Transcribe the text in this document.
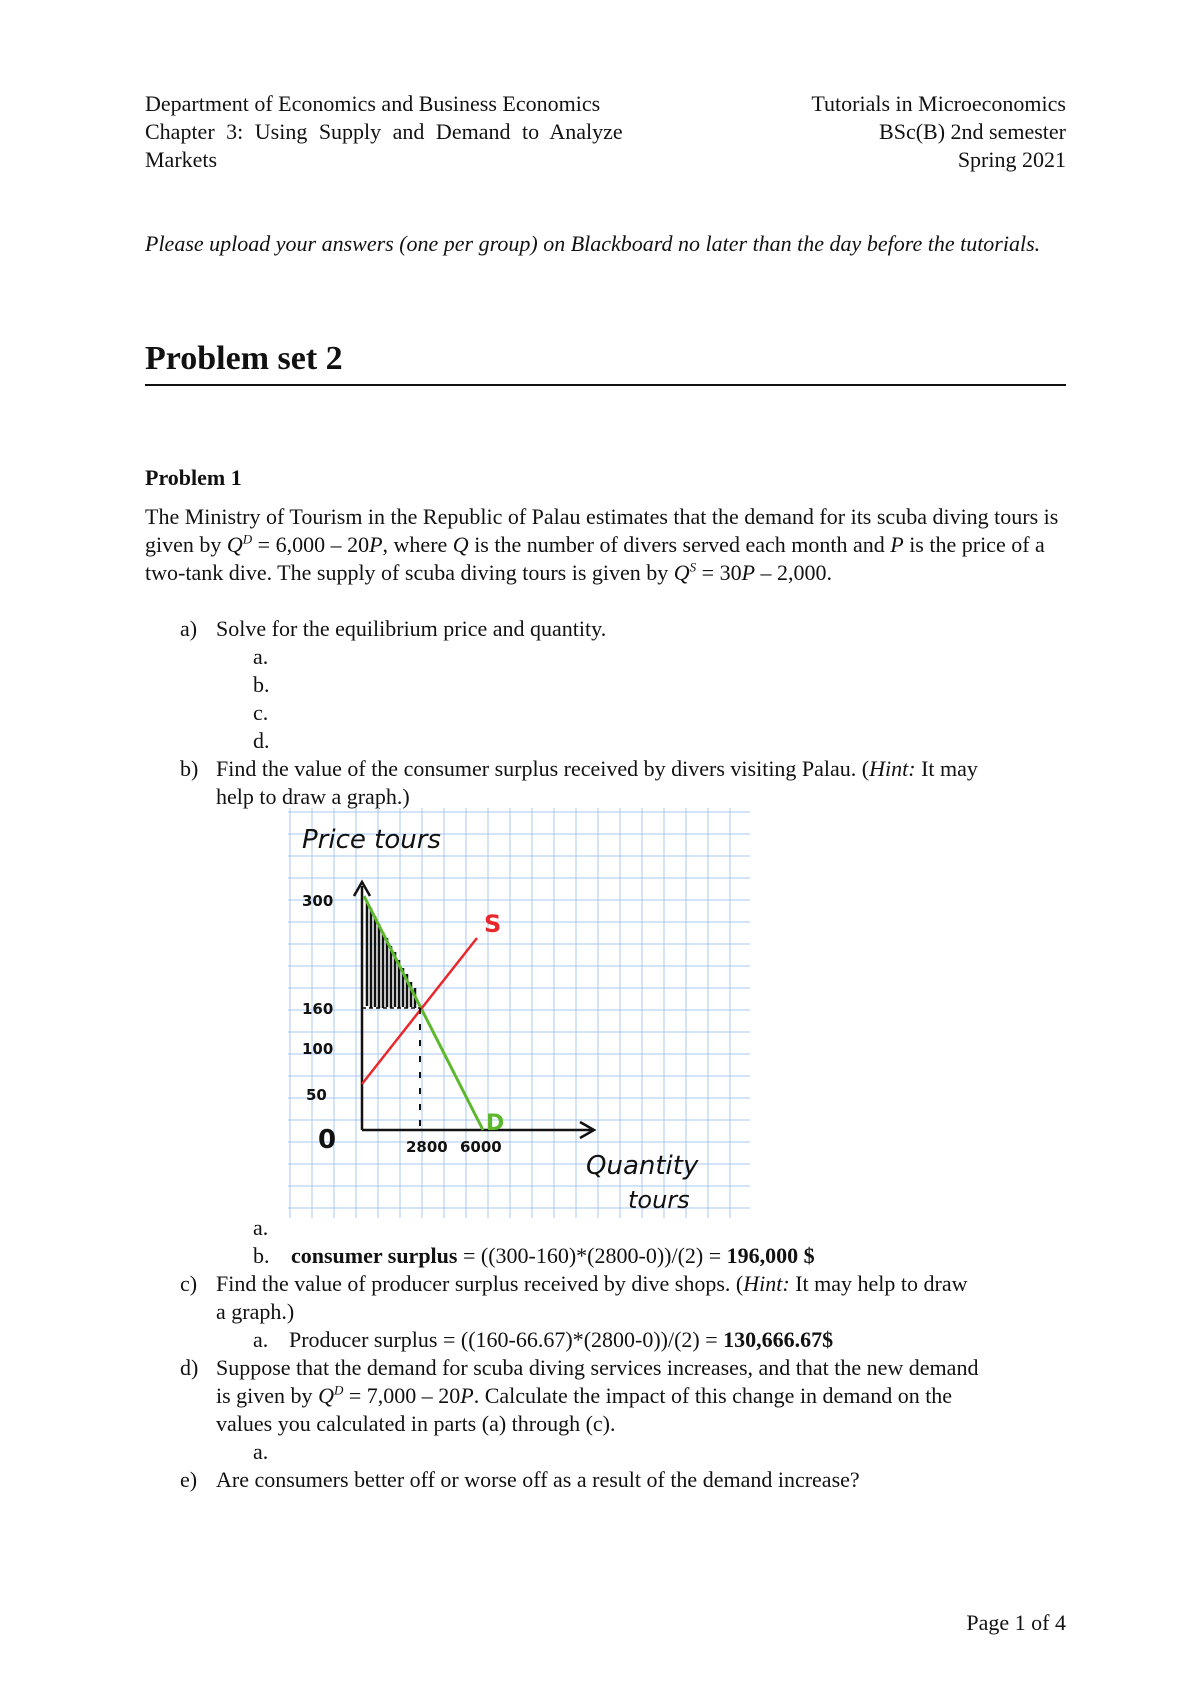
Department of Economics and Business Economics
Chapter 3: Using Supply and Demand to Analyze
Markets
Tutorials in Microeconomics
BSc(B) 2nd semester
Spring 2021
Please upload your answers (one per group) on Blackboard no later than the day before the tutorials.
Problem set 2
Problem 1
The Ministry of Tourism in the Republic of Palau estimates that the demand for its scuba diving tours is given by $Q^D = 6,000 - 20P$, where Q is the number of divers served each month and P is the price of a two-tank dive. The supply of scuba diving tours is given by $Q^S = 30P - 2,000$.
a) Solve for the equilibrium price and quantity.
a.
b.
c.
d.
b) Find the value of the consumer surplus received by divers visiting Palau. (Hint: It may
help to draw a graph.)
Price tours
300
160
100
50
0	2800 6000
S
D
Quantity
tours
a.
b. consumer surplus = ((300-160)*(2800-0))/(2) = 196,000 $
c) Find the value of producer surplus received by dive shops. (Hint: It may help to draw
a graph.)
a. Producer surplus = ((160-66.67)*(2800-0))/(2) = 130,666.67$
d) Suppose that the demand for scuba diving services increases, and that the new demand
is given by $Q^D = 7,000 - 20P$. Calculate the impact of this change in demand on the
values you calculated in parts (a) through (c).
a.
e) Are consumers better off or worse off as a result of the demand increase?
Page 1 of 4
